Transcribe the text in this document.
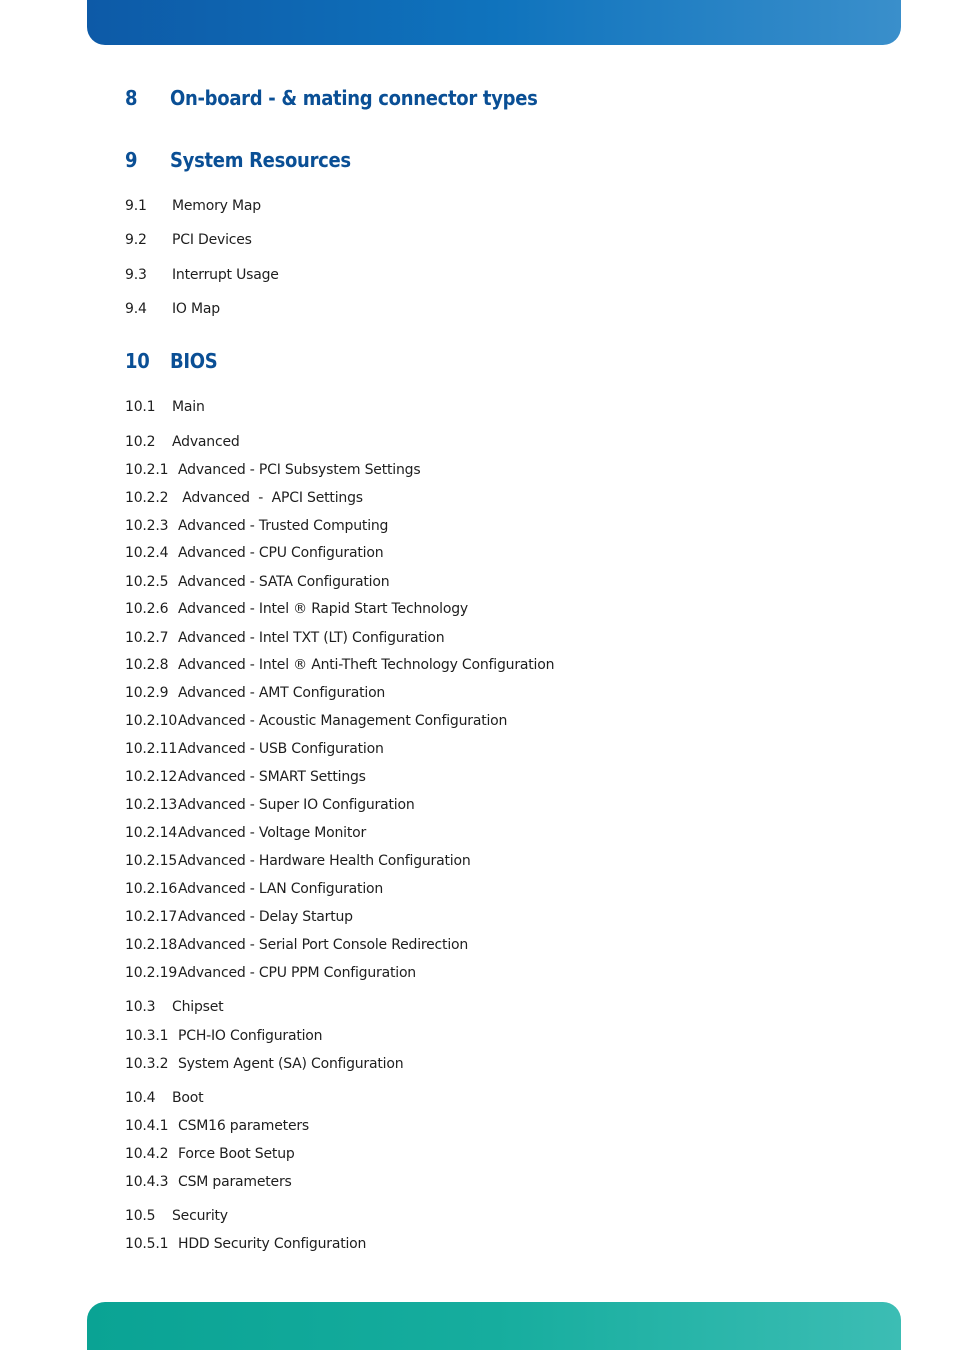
8 On-board - & mating connector types
9 System Resources
9.1 Memory Map
9.2 PCI Devices
9.3 Interrupt Usage
9.4 IO Map
10 BIOS
10.1 Main
10.2 Advanced
10.2.1 Advanced - PCI Subsystem Settings
10.2.2 Advanced  -  APCI Settings
10.2.3 Advanced - Trusted Computing
10.2.4 Advanced - CPU Configuration
10.2.5 Advanced - SATA Configuration
10.2.6 Advanced - Intel ® Rapid Start Technology
10.2.7 Advanced - Intel TXT (LT) Configuration
10.2.8 Advanced - Intel ® Anti-Theft Technology Configuration
10.2.9 Advanced - AMT Configuration
10.2.10Advanced - Acoustic Management Configuration
10.2.11Advanced - USB Configuration
10.2.12Advanced - SMART Settings
10.2.13Advanced - Super IO Configuration
10.2.14Advanced - Voltage Monitor
10.2.15Advanced - Hardware Health Configuration
10.2.16Advanced - LAN Configuration
10.2.17Advanced - Delay Startup
10.2.18Advanced - Serial Port Console Redirection
10.2.19Advanced - CPU PPM Configuration
10.3 Chipset
10.3.1 PCH-IO Configuration
10.3.2 System Agent (SA) Configuration
10.4 Boot
10.4.1 CSM16 parameters
10.4.2 Force Boot Setup
10.4.3 CSM parameters
10.5 Security
10.5.1 HDD Security Configuration
